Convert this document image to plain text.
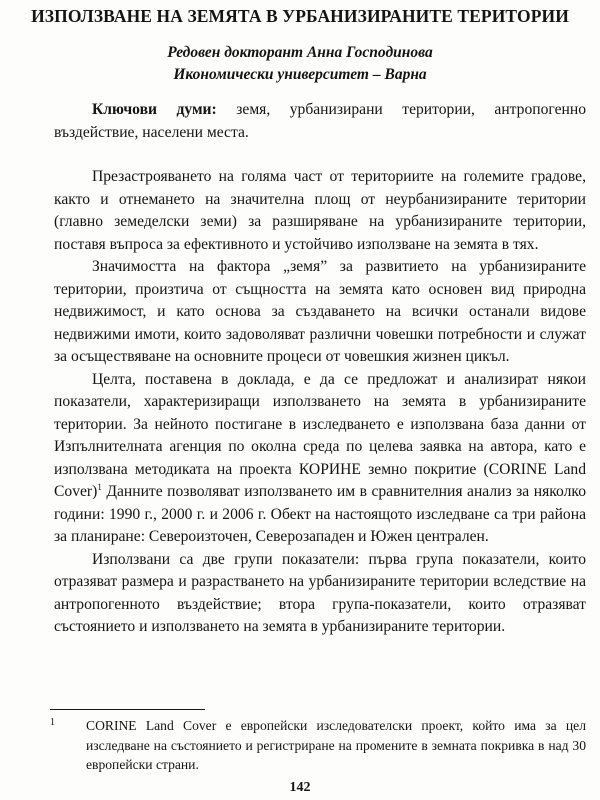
ИЗПОЛЗВАНЕ НА ЗЕМЯТА В УРБАНИЗИРАНИТЕ ТЕРИТОРИИ
Редовен докторант Анна Господинова
Икономически университет – Варна

Ключови думи: земя, урбанизирани територии, антропогенно въздействие, населени места.

Презастрояването на голяма част от териториите на големите градове, както и отнемането на значителна площ от неурбанизираните територии (главно земеделски земи) за разширяване на урбанизираните територии, поставя въпроса за ефективното и устойчиво използване на земята в тях.

Значимостта на фактора „земя” за развитието на урбанизираните територии, произтича от същността на земята като основен вид природна недвижимост, и като основа за създаването на всички останали видове недвижими имоти, които задоволяват различни човешки потребности и служат за осъществяване на основните процеси от човешкия жизнен цикъл.

Целта, поставена в доклада, е да се предложат и анализират някои показатели, характеризиращи използването на земята в урбанизираните територии. За нейното постигане в изследването е използвана база данни от Изпълнителната агенция по околна среда по целева заявка на автора, като е използвана методиката на проекта КОРИНЕ земно покритие (CORINE Land Cover)$^1$ Данните позволяват използването им в сравнителния анализ за няколко години: 1990 г., 2000 г. и 2006 г. Обект на настоящото изследване са три района за планиране: Североизточен, Северозападен и Южен централен.

Използвани са две групи показатели: първа група показатели, които отразяват размера и разрастването на урбанизираните територии вследствие на антропогенното въздействие; втора група-показатели, които отразяват състоянието и използването на земята в урбанизираните територии.

1 CORINE Land Cover е европейски изследователски проект, който има за цел изследване на състоянието и регистриране на промените в земната покривка в над 30 европейски страни.
142
